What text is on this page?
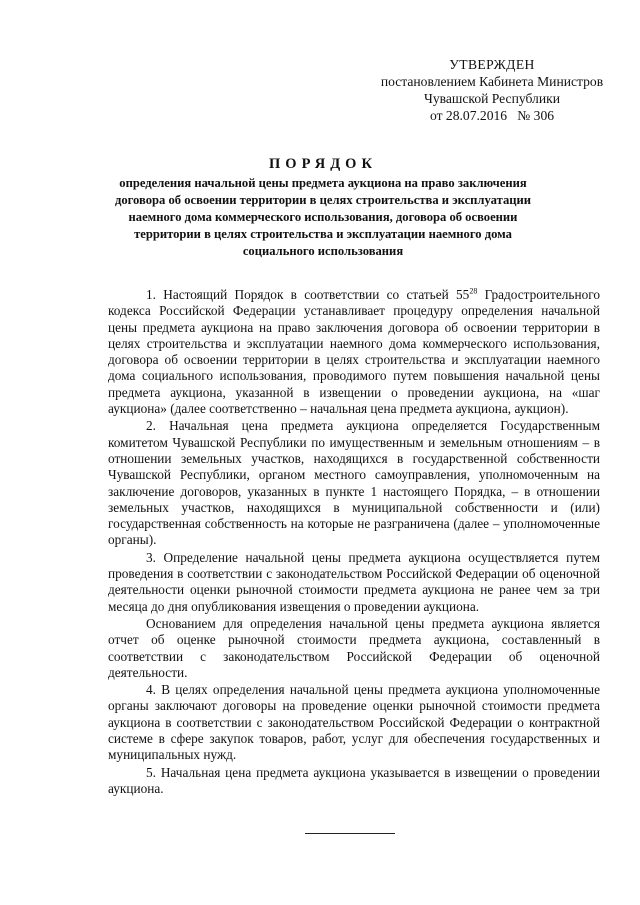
УТВЕРЖДЕН
постановлением Кабинета Министров
Чувашской Республики
от 28.07.2016   № 306
ПОРЯДОК
определения начальной цены предмета аукциона на право заключения договора об освоении территории в целях строительства и эксплуатации наемного дома коммерческого использования, договора об освоении территории в целях строительства и эксплуатации наемного дома социального использования

1. Настоящий Порядок в соответствии со статьей $55^{28}$ Градостроительного кодекса Российской Федерации устанавливает процедуру определения начальной цены предмета аукциона на право заключения договора об освоении территории в целях строительства и эксплуатации наемного дома коммерческого использования, договора об освоении территории в целях строительства и эксплуатации наемного дома социального использования, проводимого путем повышения начальной цены предмета аукциона, указанной в извещении о проведении аукциона, на «шаг аукциона» (далее соответственно – начальная цена предмета аукциона, аукцион).

2. Начальная цена предмета аукциона определяется Государственным комитетом Чувашской Республики по имущественным и земельным отношениям – в отношении земельных участков, находящихся в государственной собственности Чувашской Республики, органом местного самоуправления, уполномоченным на заключение договоров, указанных в пункте 1 настоящего Порядка, – в отношении земельных участков, находящихся в муниципальной собственности и (или) государственная собственность на которые не разграничена (далее – уполномоченные органы).

3. Определение начальной цены предмета аукциона осуществляется путем проведения в соответствии с законодательством Российской Федерации об оценочной деятельности оценки рыночной стоимости предмета аукциона не ранее чем за три месяца до дня опубликования извещения о проведении аукциона.

Основанием для определения начальной цены предмета аукциона является отчет об оценке рыночной стоимости предмета аукциона, составленный в соответствии с законодательством Российской Федерации об оценочной деятельности.

4. В целях определения начальной цены предмета аукциона уполномоченные органы заключают договоры на проведение оценки рыночной стоимости предмета аукциона в соответствии с законодательством Российской Федерации о контрактной системе в сфере закупок товаров, работ, услуг для обеспечения государственных и муниципальных нужд.

5. Начальная цена предмета аукциона указывается в извещении о проведении аукциона.
